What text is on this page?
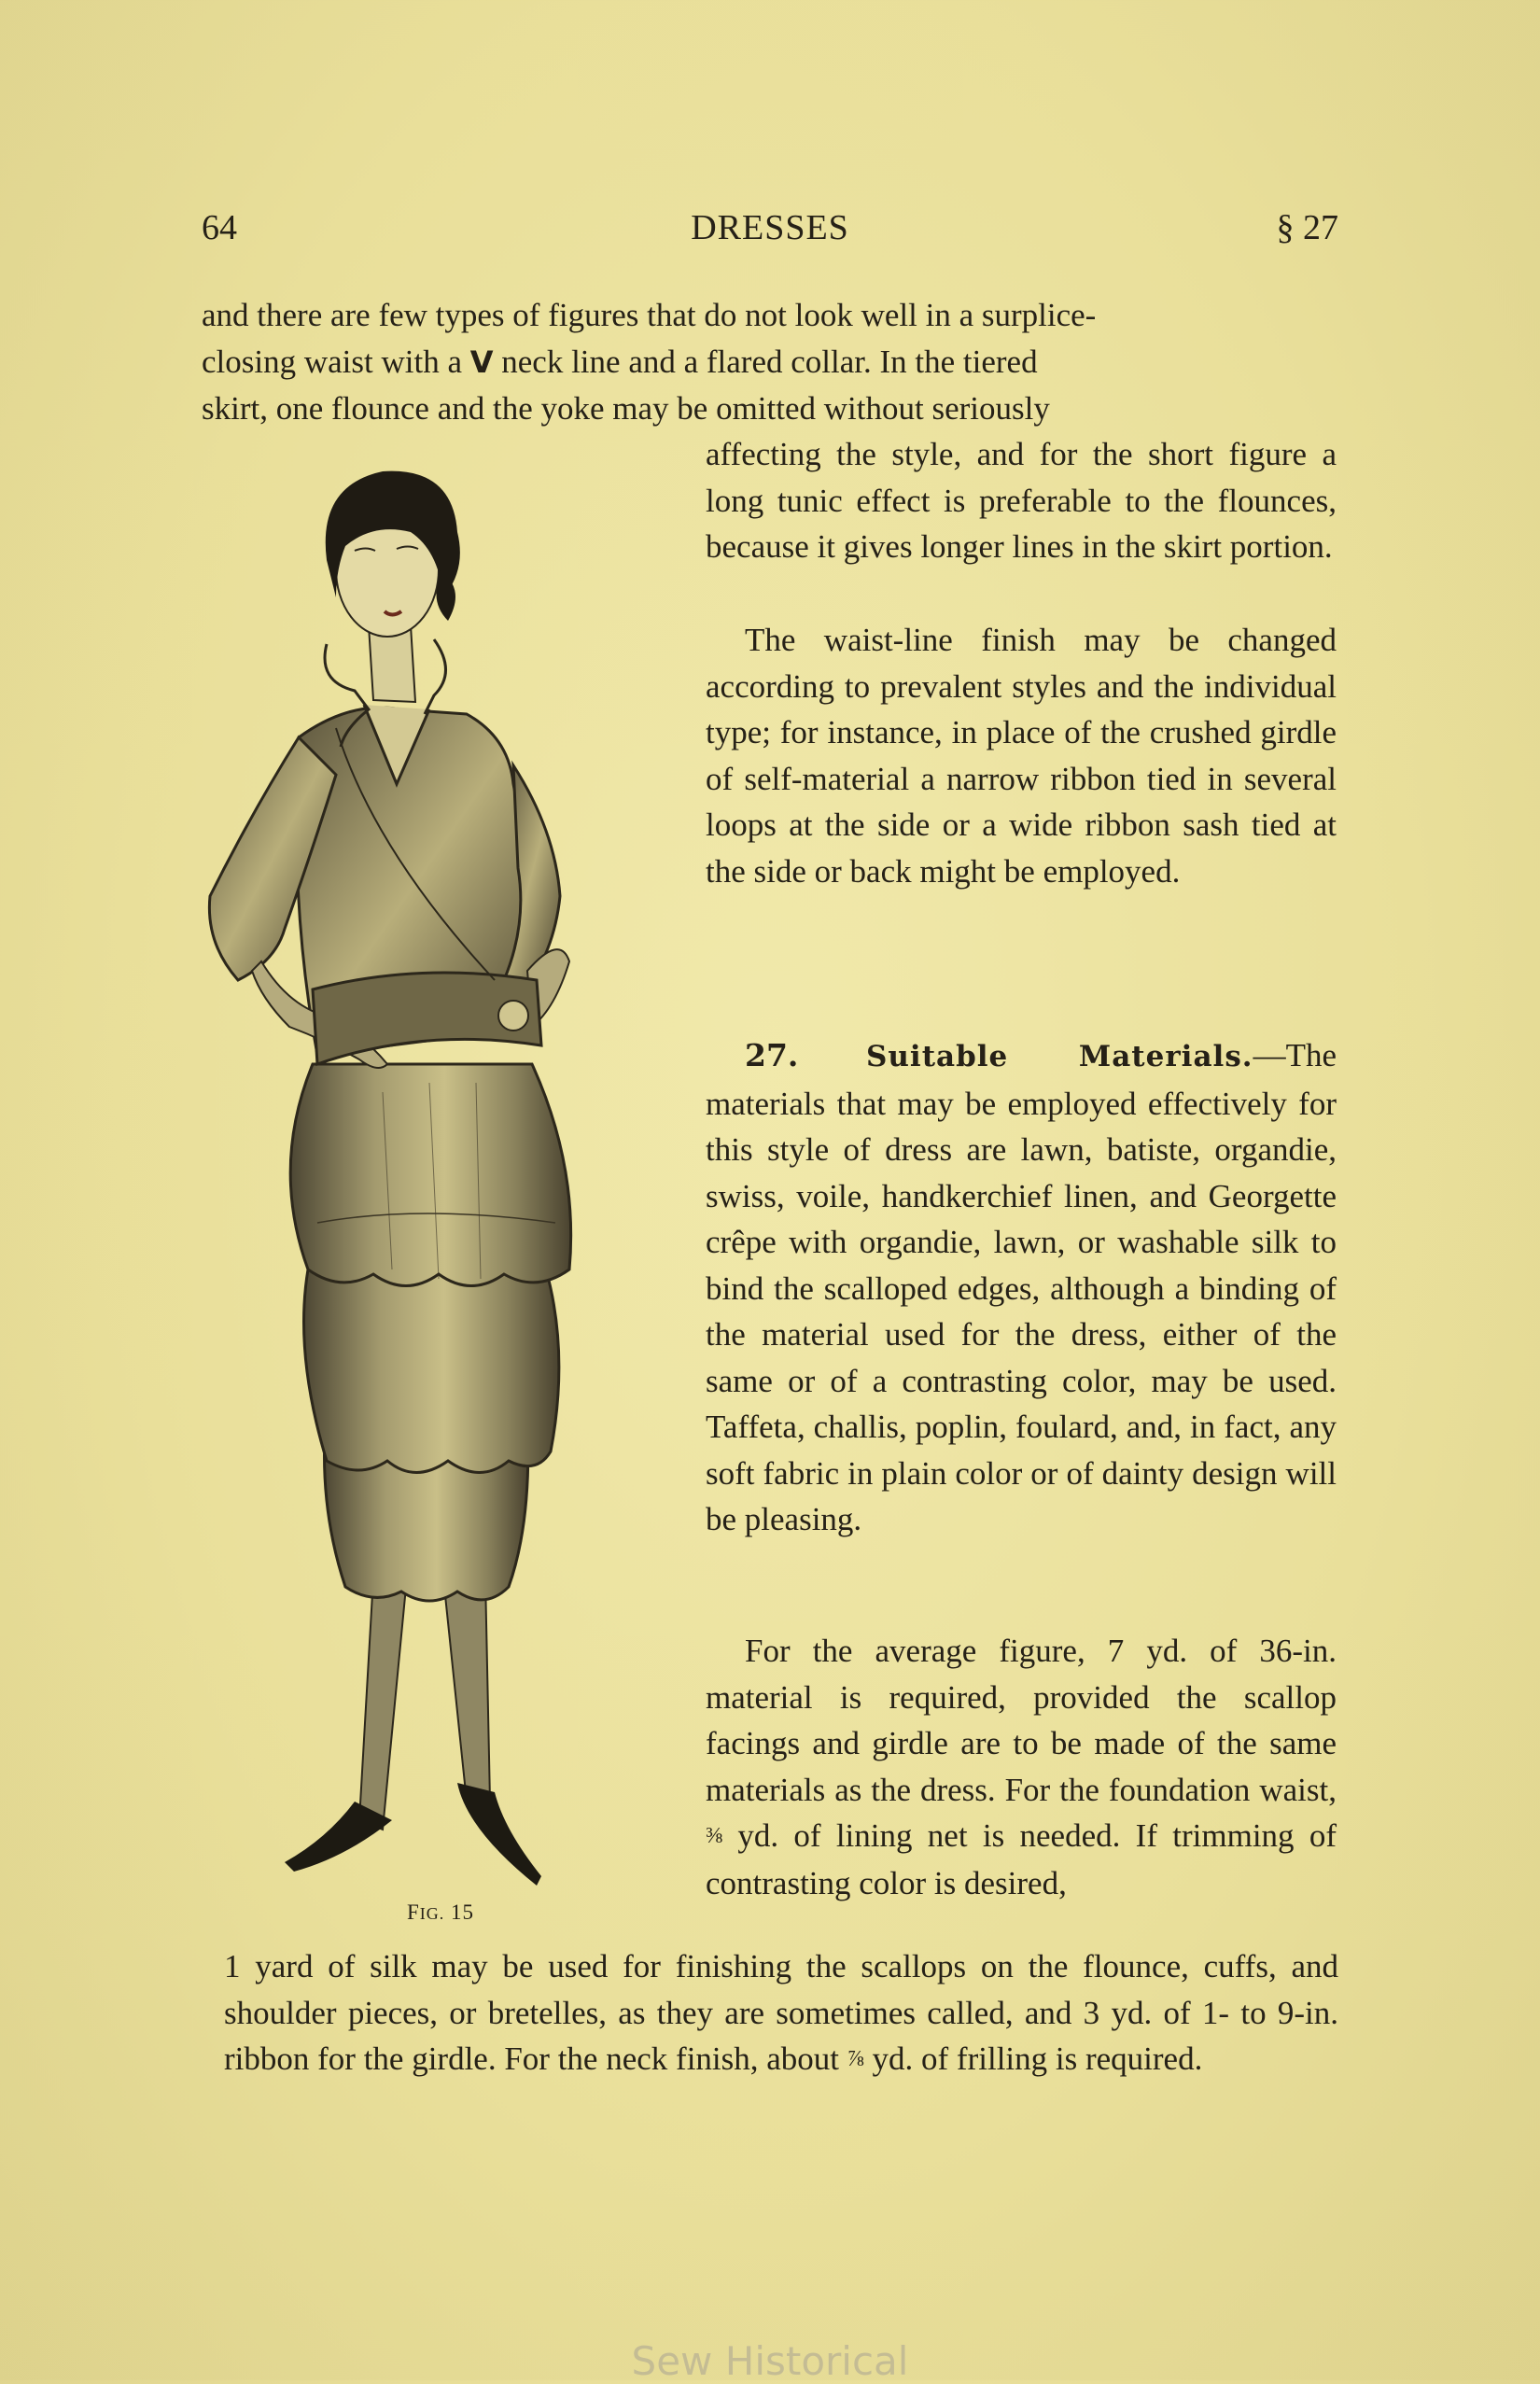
64	DRESSES	§ 27
and there are few types of figures that do not look well in a surplice-
closing waist with a V neck line and a flared collar. In the tiered
skirt, one flounce and the yoke may be omitted without seriously
affecting the style, and for the short figure a long tunic effect is preferable to the flounces, because it gives longer lines in the skirt portion.
The waist-line finish may be changed according to prevalent styles and the individual type; for instance, in place of the crushed girdle of self-material a narrow ribbon tied in several loops at the side or a wide ribbon sash tied at the side or back might be employed.
27. Suitable Materials.—The materials that may be employed effectively for this style of dress are lawn, batiste, organdie, swiss, voile, handkerchief linen, and Georgette crêpe with organdie, lawn, or washable silk to bind the scalloped edges, although a binding of the material used for the dress, either of the same or of a contrasting color, may be used. Taffeta, challis, poplin, foulard, and, in fact, any soft fabric in plain color or of dainty design will be pleasing.
For the average figure, 7 yd. of 36-in. material is required, provided the scallop facings and girdle are to be made of the same materials as the dress. For the foundation waist, ⅜ yd. of lining net is needed. If trimming of contrasting color is desired,
1 yard of silk may be used for finishing the scallops on the flounce, cuffs, and shoulder pieces, or bretelles, as they are sometimes called, and 3 yd. of 1- to 9-in. ribbon for the girdle. For the neck finish, about ⅞ yd. of frilling is required.
FIG. 15
Sew Historical
